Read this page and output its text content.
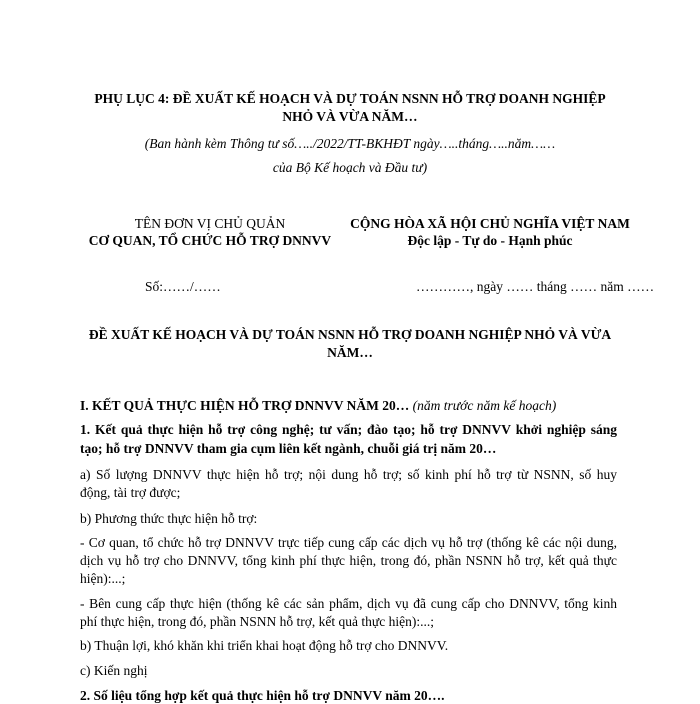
PHỤ LỤC 4: ĐỀ XUẤT KẾ HOẠCH VÀ DỰ TOÁN NSNN HỖ TRỢ DOANH NGHIỆP
NHỎ VÀ VỪA NĂM…
(Ban hành kèm Thông tư số…../2022/TT-BKHĐT ngày…..tháng…..năm……
của Bộ Kế hoạch và Đầu tư)
TÊN ĐƠN VỊ CHỦ QUẢN
CƠ QUAN, TỔ CHỨC HỖ TRỢ DNNVV
CỘNG HÒA XÃ HỘI CHỦ NGHĨA VIỆT NAM
Độc lập - Tự do - Hạnh phúc
Số:……/……	…………, ngày …… tháng …… năm ……
ĐỀ XUẤT KẾ HOẠCH VÀ DỰ TOÁN NSNN HỖ TRỢ DOANH NGHIỆP NHỎ VÀ VỪA
NĂM…
I. KẾT QUẢ THỰC HIỆN HỖ TRỢ DNNVV NĂM 20… (năm trước năm kế hoạch)
1. Kết quả thực hiện hỗ trợ công nghệ; tư vấn; đào tạo; hỗ trợ DNNVV khởi nghiệp sáng
tạo; hỗ trợ DNNVV tham gia cụm liên kết ngành, chuỗi giá trị năm 20…
a) Số lượng DNNVV thực hiện hỗ trợ; nội dung hỗ trợ; số kinh phí hỗ trợ từ NSNN, số huy
động, tài trợ được;
b) Phương thức thực hiện hỗ trợ:
- Cơ quan, tổ chức hỗ trợ DNNVV trực tiếp cung cấp các dịch vụ hỗ trợ (thống kê các nội dung,
dịch vụ hỗ trợ cho DNNVV, tổng kinh phí thực hiện, trong đó, phần NSNN hỗ trợ, kết quả thực
hiện):...;
- Bên cung cấp thực hiện (thống kê các sản phẩm, dịch vụ đã cung cấp cho DNNVV, tổng kinh
phí thực hiện, trong đó, phần NSNN hỗ trợ, kết quả thực hiện):...;
b) Thuận lợi, khó khăn khi triển khai hoạt động hỗ trợ cho DNNVV.
c) Kiến nghị
2. Số liệu tổng hợp kết quả thực hiện hỗ trợ DNNVV năm 20….
